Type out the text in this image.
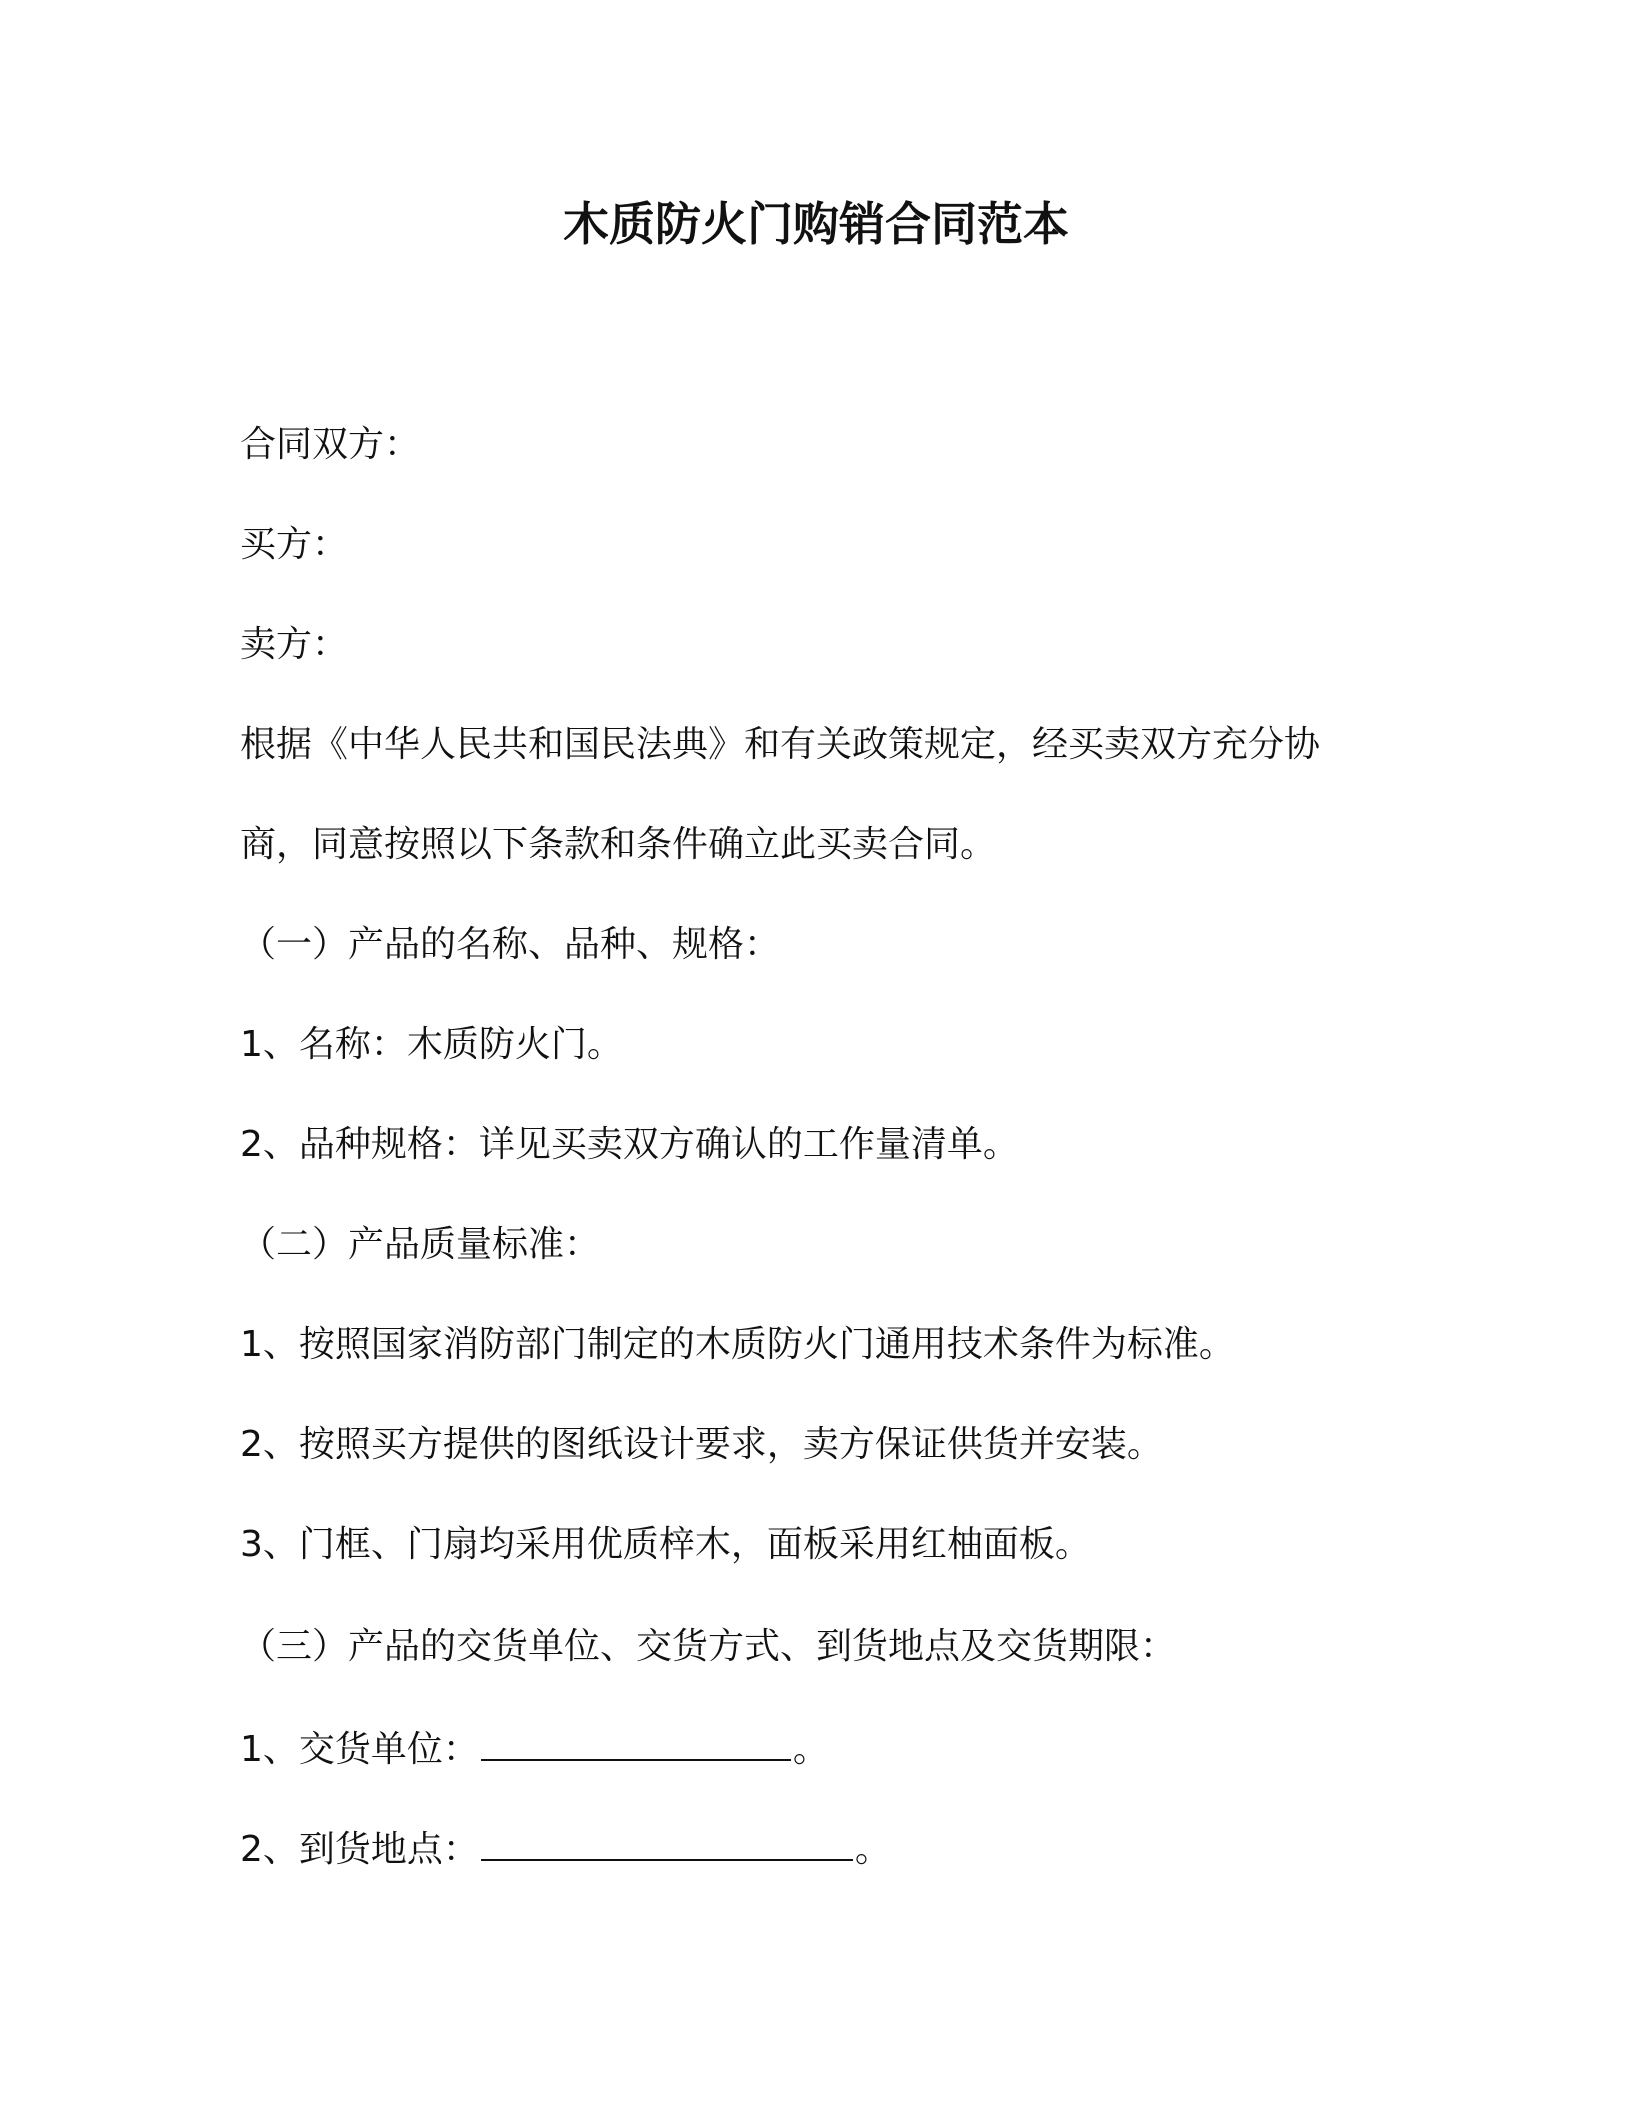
木质防火门购销合同范本
合同双方：
买方：
卖方：
根据《中华人民共和国民法典》和有关政策规定，经买卖双方充分协
商，同意按照以下条款和条件确立此买卖合同。
（一）产品的名称、品种、规格：
1、名称：木质防火门。
2、品种规格：详见买卖双方确认的工作量清单。
（二）产品质量标准：
1、按照国家消防部门制定的木质防火门通用技术条件为标准。
2、按照买方提供的图纸设计要求，卖方保证供货并安装。
3、门框、门扇均采用优质梓木，面板采用红柚面板。
（三）产品的交货单位、交货方式、到货地点及交货期限：
1、交货单位：	。
2、到货地点：	。
